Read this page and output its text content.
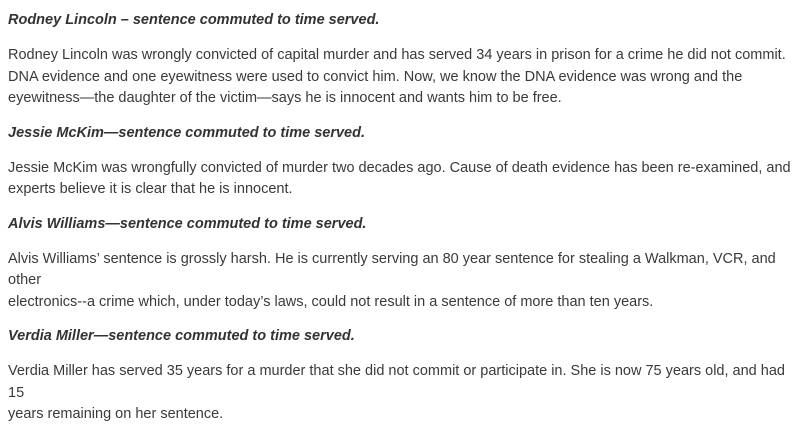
Rodney Lincoln – sentence commuted to time served.
Rodney Lincoln was wrongly convicted of capital murder and has served 34 years in prison for a crime he did not commit.
DNA evidence and one eyewitness were used to convict him. Now, we know the DNA evidence was wrong and the
eyewitness—the daughter of the victim—says he is innocent and wants him to be free.
Jessie McKim—sentence commuted to time served.
Jessie McKim was wrongfully convicted of murder two decades ago. Cause of death evidence has been re-examined, and
experts believe it is clear that he is innocent.
Alvis Williams—sentence commuted to time served.
Alvis Williams’ sentence is grossly harsh. He is currently serving an 80 year sentence for stealing a Walkman, VCR, and other
electronics--a crime which, under today’s laws, could not result in a sentence of more than ten years.
Verdia Miller—sentence commuted to time served.
Verdia Miller has served 35 years for a murder that she did not commit or participate in. She is now 75 years old, and had 15
years remaining on her sentence.
